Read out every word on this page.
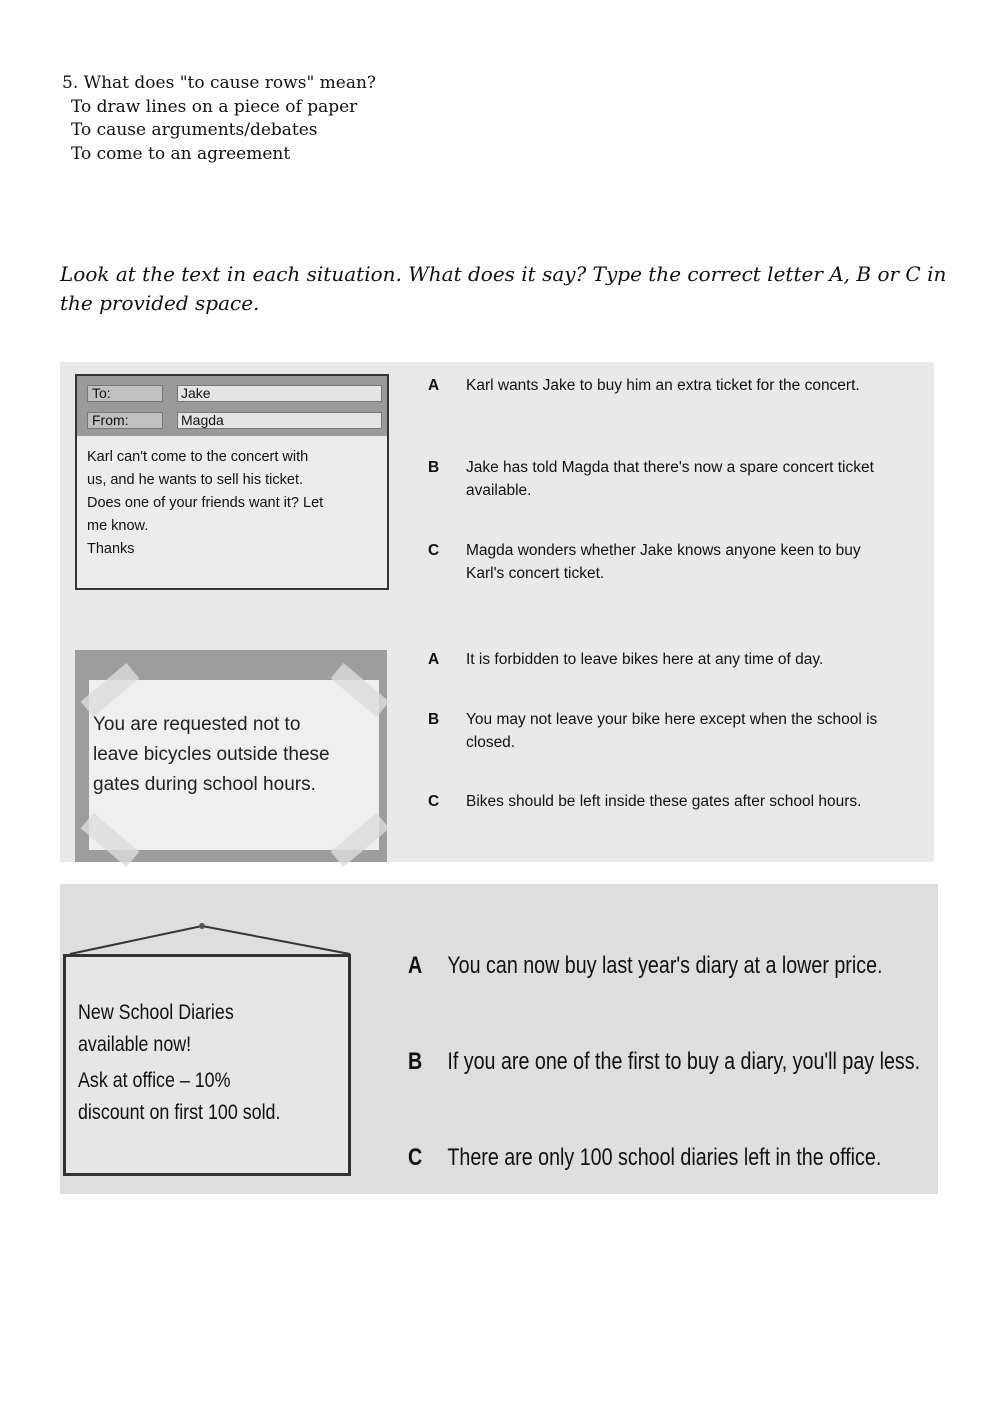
5. What does "to cause rows" mean?
To draw lines on a piece of paper
To cause arguments/debates
To come to an agreement
Look at the text in each situation. What does it say? Type the correct letter A, B or C in the provided space.
To:	Jake
From:	Magda
Karl can't come to the concert with
us, and he wants to sell his ticket.
Does one of your friends want it? Let
me know.
Thanks
A Karl wants Jake to buy him an extra ticket for the concert.
B Jake has told Magda that there's now a spare concert ticket available.
C Magda wonders whether Jake knows anyone keen to buy Karl's concert ticket.
You are requested not to
leave bicycles outside these
gates during school hours.
A It is forbidden to leave bikes here at any time of day.
B You may not leave your bike here except when the school is closed.
C Bikes should be left inside these gates after school hours.
New School Diaries available now!
Ask at office – 10% discount on first 100 sold.
A You can now buy last year's diary at a lower price.
B If you are one of the first to buy a diary, you'll pay less.
C There are only 100 school diaries left in the office.
